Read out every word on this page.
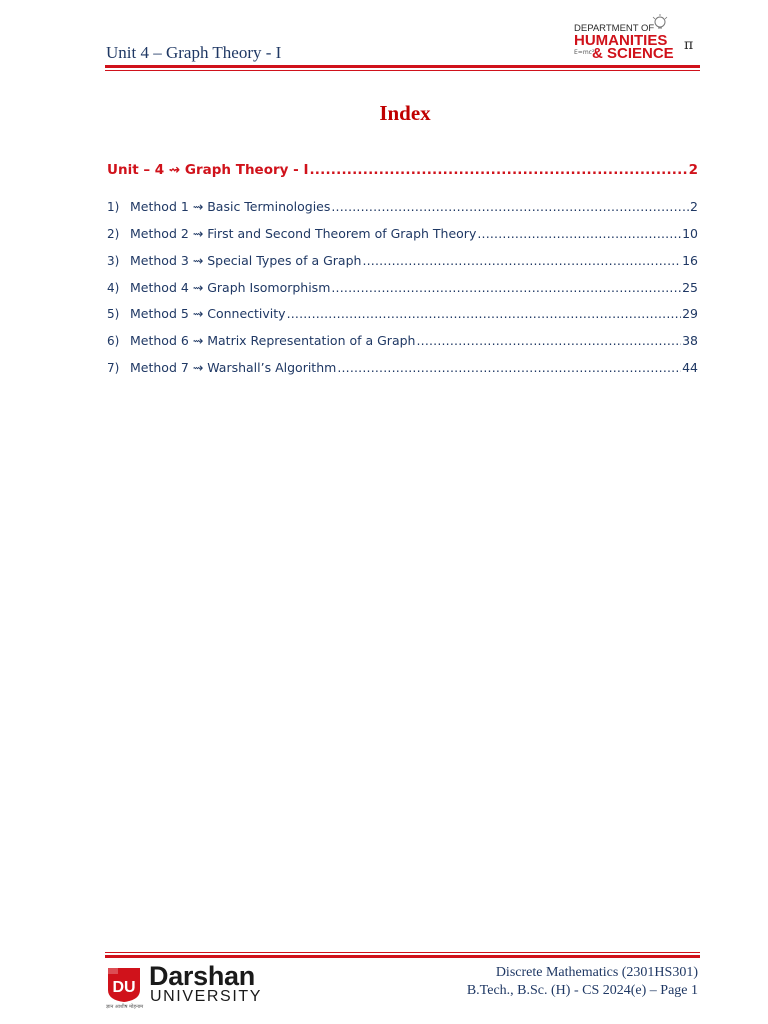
Unit 4 – Graph Theory - I
DEPARTMENT OF
HUMANITIES
& SCIENCE
E=mc²	π
Index
Unit – 4 ⇝ Graph Theory - I .....	2
1) Method 1 ⇝ Basic Terminologies .....	2
2) Method 2 ⇝ First and Second Theorem of Graph Theory .....	10
3) Method 3 ⇝ Special Types of a Graph .....	16
4) Method 4 ⇝ Graph Isomorphism .....	25
5) Method 5 ⇝ Connectivity .....	29
6) Method 6 ⇝ Matrix Representation of a Graph .....	38
7) Method 7 ⇝ Warshall’s Algorithm .....	44
DU Darshan
UNIVERSITY
ज्ञान आशीष मोहनाम
Discrete Mathematics (2301HS301)
B.Tech., B.Sc. (H) - CS 2024(e) – Page 1
